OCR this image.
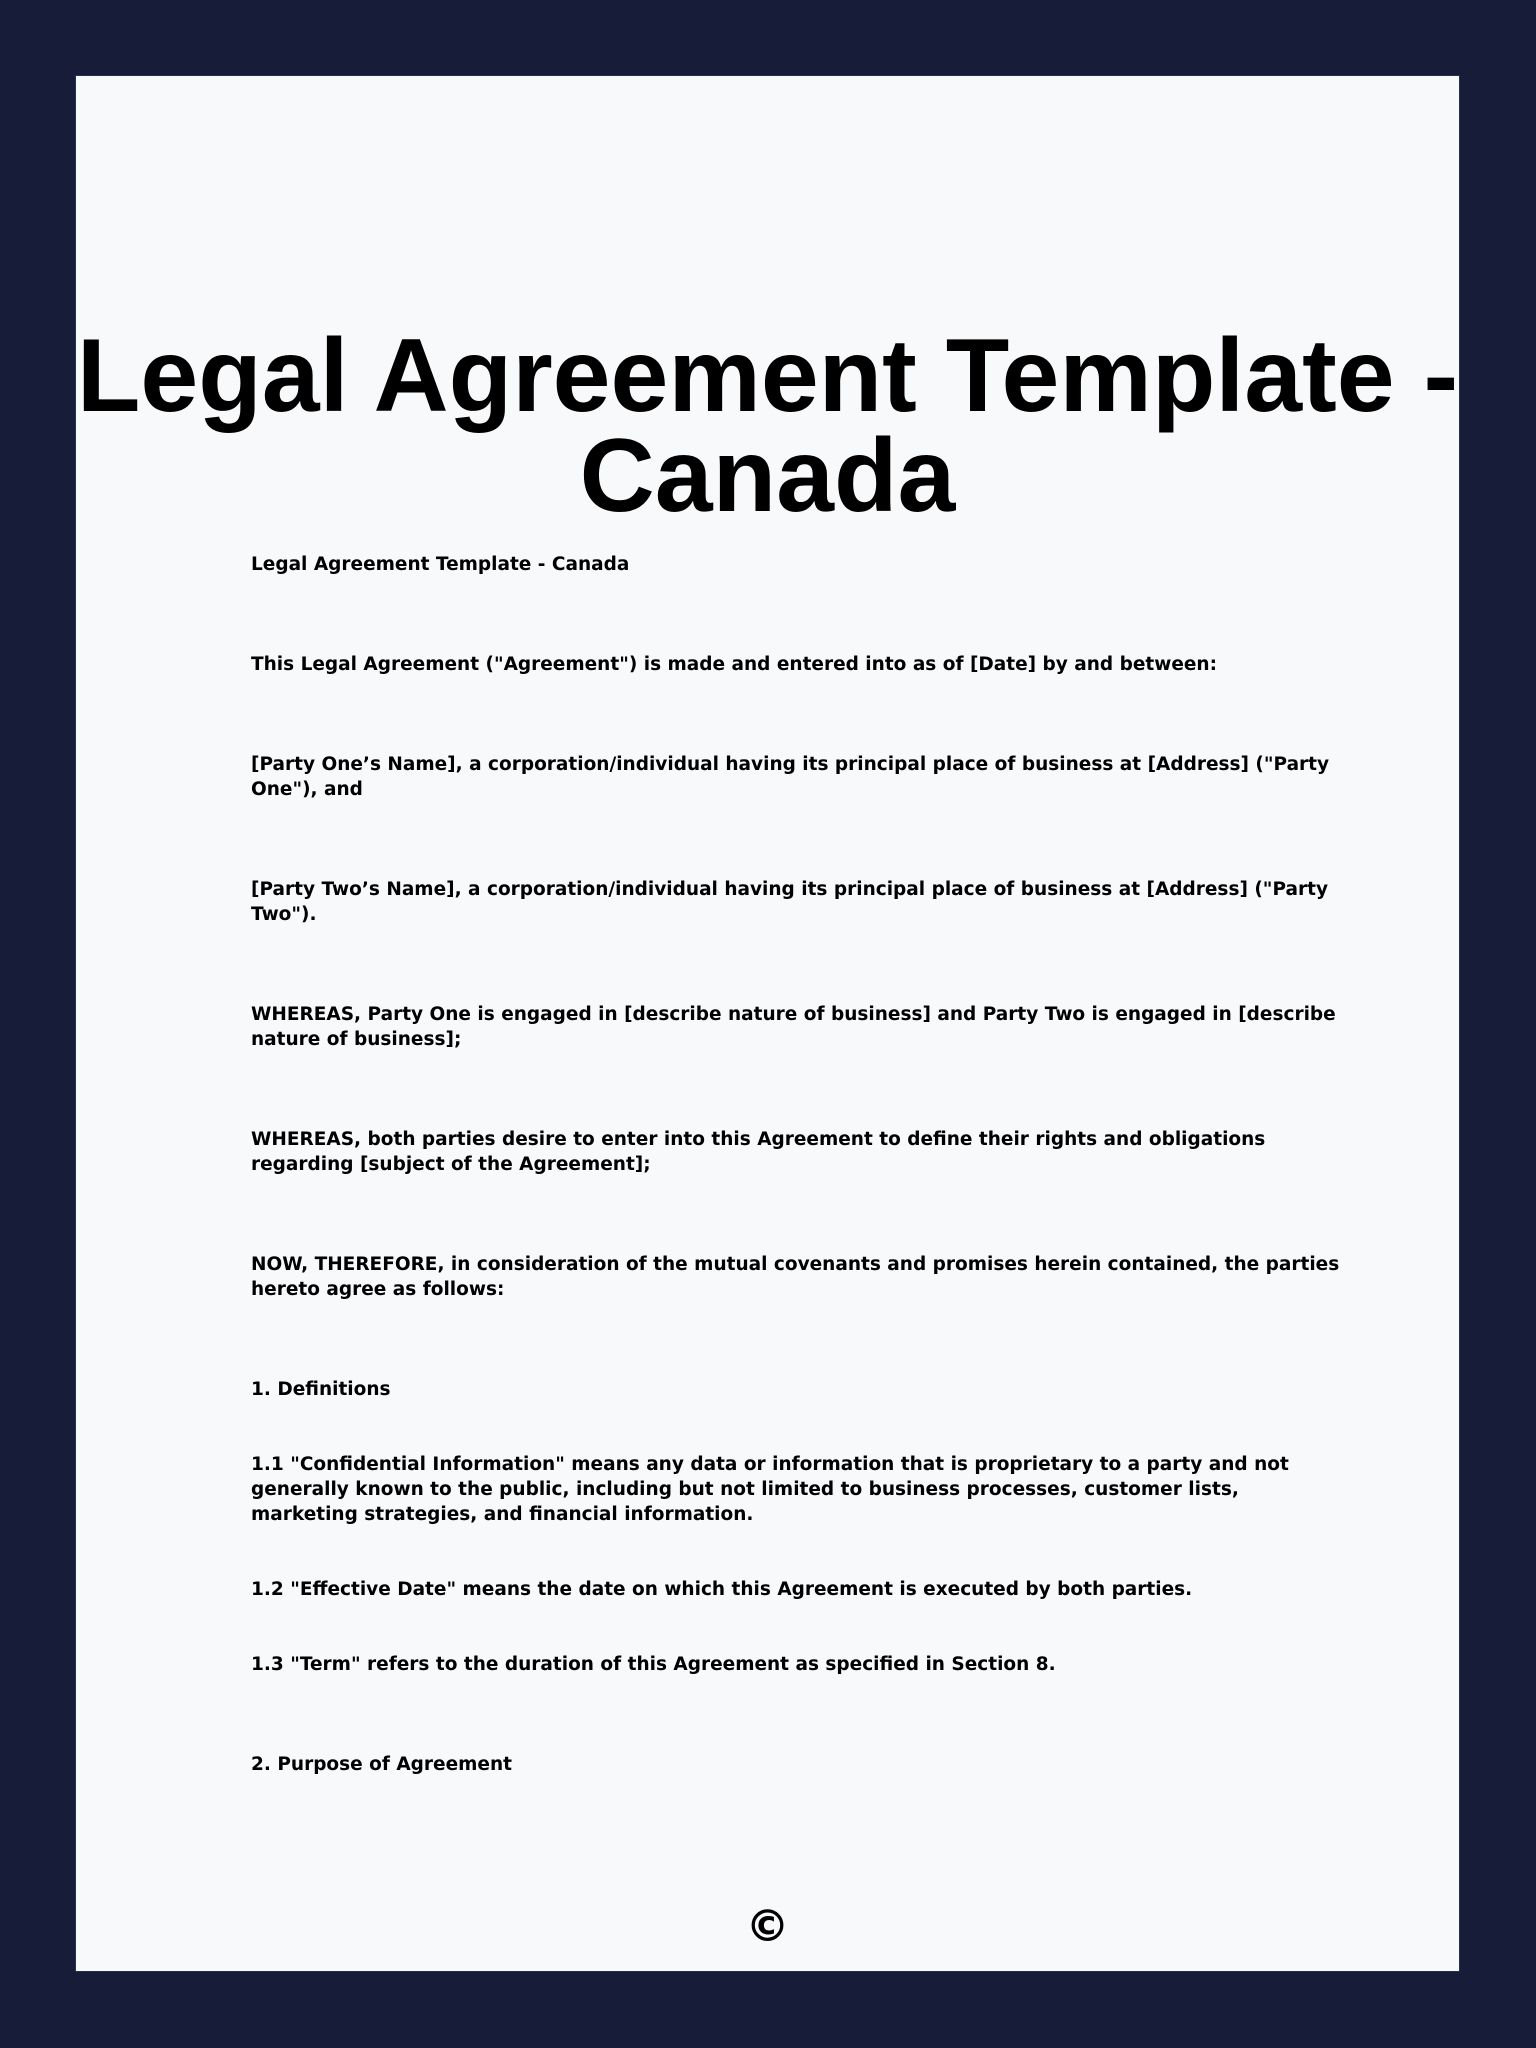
Legal Agreement Template - Canada

Legal Agreement Template - Canada

This Legal Agreement ("Agreement") is made and entered into as of [Date] by and between:

[Party One’s Name], a corporation/individual having its principal place of business at [Address] ("Party One"), and

[Party Two’s Name], a corporation/individual having its principal place of business at [Address] ("Party Two").

WHEREAS, Party One is engaged in [describe nature of business] and Party Two is engaged in [describe nature of business];

WHEREAS, both parties desire to enter into this Agreement to define their rights and obligations regarding [subject of the Agreement];

NOW, THEREFORE, in consideration of the mutual covenants and promises herein contained, the parties hereto agree as follows:

1. Definitions

1.1 "Confidential Information" means any data or information that is proprietary to a party and not generally known to the public, including but not limited to business processes, customer lists, marketing strategies, and financial information.

1.2 "Effective Date" means the date on which this Agreement is executed by both parties.

1.3 "Term" refers to the duration of this Agreement as specified in Section 8.

2. Purpose of Agreement

©
